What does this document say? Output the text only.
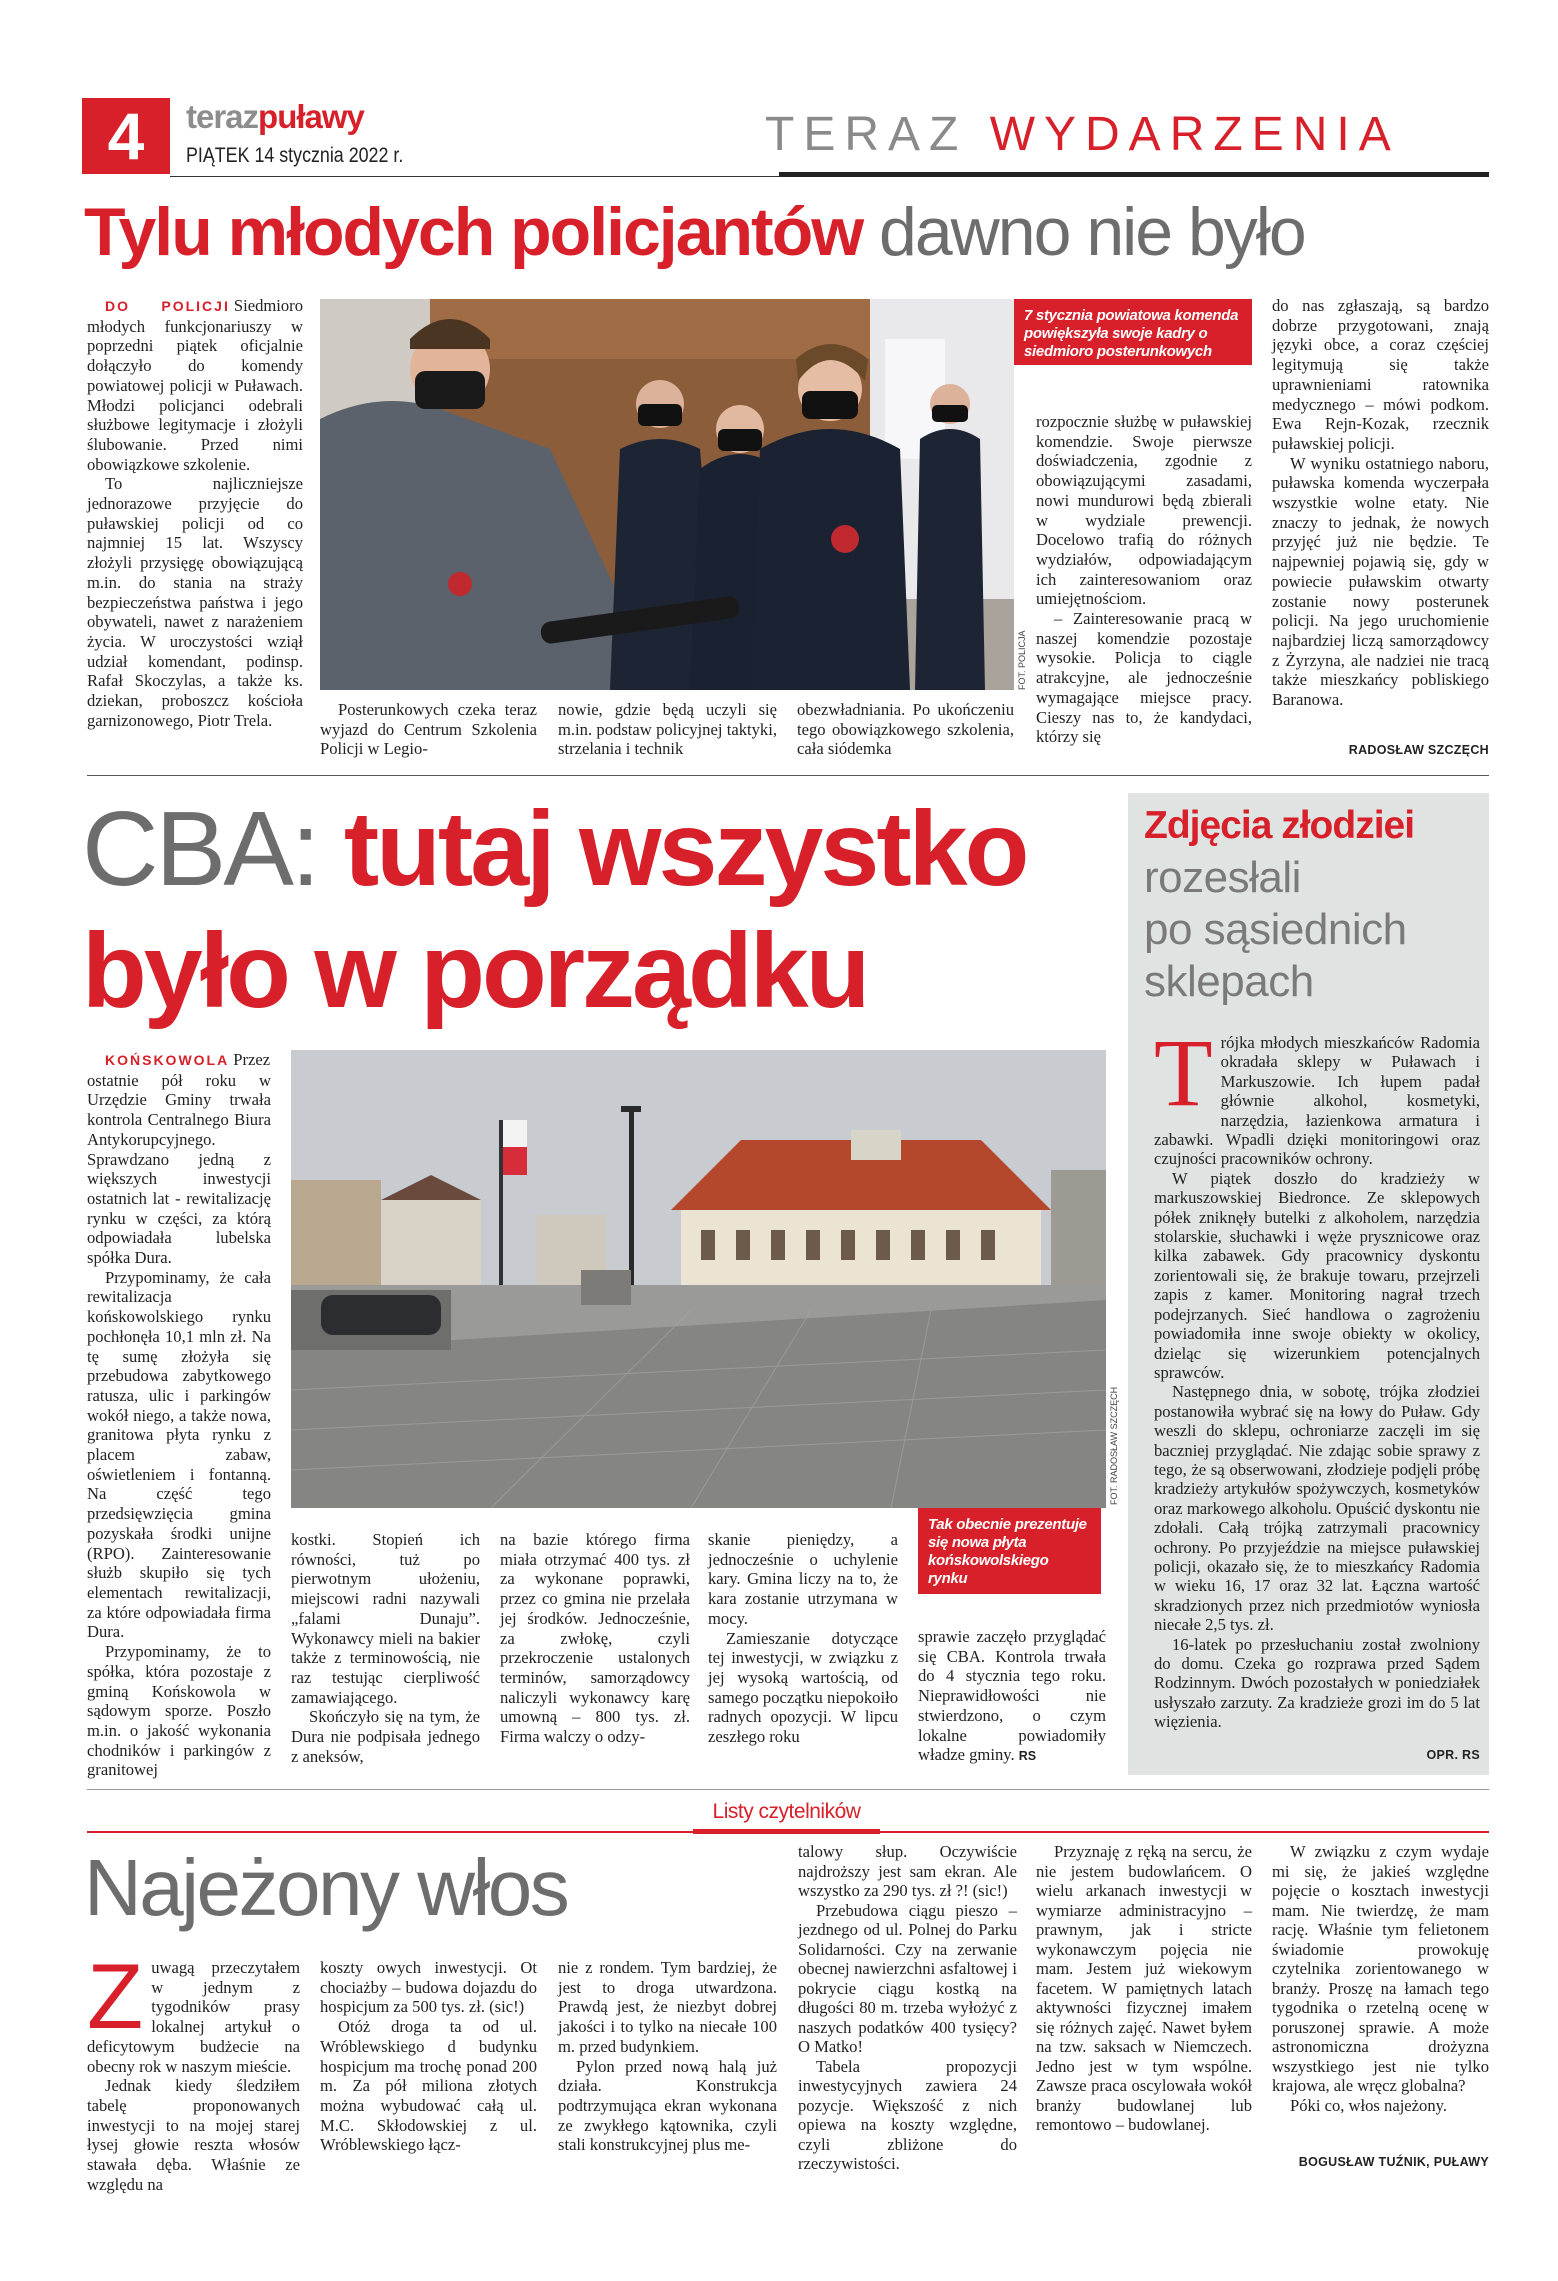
4	terazpuławy
PIĄTEK 14 stycznia 2022 r.	TERAZ WYDARZENIA
Tylu młodych policjantów dawno nie było

DO POLICJI Siedmioro młodych funkcjonariuszy w poprzedni piątek oficjalnie dołączyło do komendy powiatowej policji w Puławach. Młodzi policjanci odebrali służbowe legitymacje i złożyli ślubowanie. Przed nimi obowiązkowe szkolenie.

To najliczniejsze jednorazowe przyjęcie do puławskiej policji od co najmniej 15 lat. Wszyscy złożyli przysięgę obowiązującą m.in. do stania na straży bezpieczeństwa państwa i jego obywateli, nawet z narażeniem życia. W uroczystości wziął udział komendant, podinsp. Rafał Skoczylas, a także ks. dziekan, proboszcz kościoła garnizonowego, Piotr Trela.

7 stycznia powiatowa komenda powiększyła swoje kadry o siedmioro posterunkowych
FOT. POLICJA

Posterunkowych czeka teraz wyjazd do Centrum Szkolenia Policji w Legio-

nowie, gdzie będą uczyli się m.in. podstaw policyjnej taktyki, strzelania i technik

obezwładniania. Po ukończeniu tego obowiązkowego szkolenia, cała siódemka

rozpocznie służbę w puławskiej komendzie. Swoje pierwsze doświadczenia, zgodnie z obowiązującymi zasadami, nowi mundurowi będą zbierali w wydziale prewencji. Docelowo trafią do różnych wydziałów, odpowiadającym ich zainteresowaniom oraz umiejętnościom.

– Zainteresowanie pracą w naszej komendzie pozostaje wysokie. Policja to ciągle atrakcyjne, ale jednocześnie wymagające miejsce pracy. Cieszy nas to, że kandydaci, którzy się

do nas zgłaszają, są bardzo dobrze przygotowani, znają języki obce, a coraz częściej legitymują się także uprawnieniami ratownika medycznego – mówi podkom. Ewa Rejn-Kozak, rzecznik puławskiej policji.

W wyniku ostatniego naboru, puławska komenda wyczerpała wszystkie wolne etaty. Nie znaczy to jednak, że nowych przyjęć już nie będzie. Te najpewniej pojawią się, gdy w powiecie puławskim otwarty zostanie nowy posterunek policji. Na jego uruchomienie najbardziej liczą samorządowcy z Żyrzyna, ale nadziei nie tracą także mieszkańcy pobliskiego Baranowa.

RADOSŁAW SZCZĘCH
CBA: tutaj wszystko
było w porządku

KOŃSKOWOLA Przez ostatnie pół roku w Urzędzie Gminy trwała kontrola Centralnego Biura Antykorupcyjnego. Sprawdzano jedną z większych inwestycji ostatnich lat - rewitalizację rynku w części, za którą odpowiadała lubelska spółka Dura.

Przypominamy, że cała rewitalizacja końskowolskiego rynku pochłonęła 10,1 mln zł. Na tę sumę złożyła się przebudowa zabytkowego ratusza, ulic i parkingów wokół niego, a także nowa, granitowa płyta rynku z placem zabaw, oświetleniem i fontanną. Na część tego przedsięwzięcia gmina pozyskała środki unijne (RPO). Zainteresowanie służb skupiło się tych elementach rewitalizacji, za które odpowiadała firma Dura.

Przypominamy, że to spółka, która pozostaje z gminą Końskowola w sądowym sporze. Poszło m.in. o jakość wykonania chodników i parkingów z granitowej

Tak obecnie prezentuje się nowa płyta końskowolskiego rynku
FOT. RADOSŁAW SZCZĘCH

kostki. Stopień ich równości, tuż po pierwotnym ułożeniu, miejscowi radni nazywali „falami Dunaju”. Wykonawcy mieli na bakier także z terminowością, nie raz testując cierpliwość zamawiającego.

Skończyło się na tym, że Dura nie podpisała jednego z aneksów,

na bazie którego firma miała otrzymać 400 tys. zł za wykonane poprawki, przez co gmina nie przelała jej środków. Jednocześnie, za zwłokę, czyli przekroczenie ustalonych terminów, samorządowcy naliczyli wykonawcy karę umowną – 800 tys. zł. Firma walczy o odzy-

skanie pieniędzy, a jednocześnie o uchylenie kary. Gmina liczy na to, że kara zostanie utrzymana w mocy.

Zamieszanie dotyczące tej inwestycji, w związku z jej wysoką wartością, od samego początku niepokoiło radnych opozycji. W lipcu zeszłego roku

sprawie zaczęło przyglądać się CBA. Kontrola trwała do 4 stycznia tego roku. Nieprawidłowości nie stwierdzono, o czym lokalne powiadomiły władze gminy. RS

Zdjęcia złodziei
rozesłali
po sąsiednich
sklepach

Trójka młodych mieszkańców Radomia okradała sklepy w Puławach i Markuszowie. Ich łupem padał głównie alkohol, kosmetyki, narzędzia, łazienkowa armatura i zabawki. Wpadli dzięki monitoringowi oraz czujności pracowników ochrony.

W piątek doszło do kradzieży w markuszowskiej Biedronce. Ze sklepowych półek zniknęły butelki z alkoholem, narzędzia stolarskie, słuchawki i węże prysznicowe oraz kilka zabawek. Gdy pracownicy dyskontu zorientowali się, że brakuje towaru, przejrzeli zapis z kamer. Monitoring nagrał trzech podejrzanych. Sieć handlowa o zagrożeniu powiadomiła inne swoje obiekty w okolicy, dzieląc się wizerunkiem potencjalnych sprawców.

Następnego dnia, w sobotę, trójka złodziei postanowiła wybrać się na łowy do Puław. Gdy weszli do sklepu, ochroniarze zaczęli im się baczniej przyglądać. Nie zdając sobie sprawy z tego, że są obserwowani, złodzieje podjęli próbę kradzieży artykułów spożywczych, kosmetyków oraz markowego alkoholu. Opuścić dyskontu nie zdołali. Całą trójką zatrzymali pracownicy ochrony. Po przyjeździe na miejsce puławskiej policji, okazało się, że to mieszkańcy Radomia w wieku 16, 17 oraz 32 lat. Łączna wartość skradzionych przez nich przedmiotów wyniosła niecałe 2,5 tys. zł.

16-latek po przesłuchaniu został zwolniony do domu. Czeka go rozprawa przed Sądem Rodzinnym. Dwóch pozostałych w poniedziałek usłyszało zarzuty. Za kradzieże grozi im do 5 lat więzienia.

OPR. RS
Listy czytelników
Najeżony włos

Zuwagą przeczytałem w jednym z tygodników prasy lokalnej artykuł o deficytowym budżecie na obecny rok w naszym mieście.

Jednak kiedy śledziłem tabelę proponowanych inwestycji to na mojej starej łysej głowie reszta włosów stawała dęba. Właśnie ze względu na

koszty owych inwestycji. Ot chociażby – budowa dojazdu do hospicjum za 500 tys. zł. (sic!)

Otóż droga ta od ul. Wróblewskiego d budynku hospicjum ma trochę ponad 200 m. Za pół miliona złotych można wybudować całą ul. M.C. Skłodowskiej z ul. Wróblewskiego łącz-

nie z rondem. Tym bardziej, że jest to droga utwardzona. Prawdą jest, że niezbyt dobrej jakości i to tylko na niecałe 100 m. przed budynkiem.

Pylon przed nową halą już działa. Konstrukcja podtrzymująca ekran wykonana ze zwykłego kątownika, czyli stali konstrukcyjnej plus me-

talowy słup. Oczywiście najdroższy jest sam ekran. Ale wszystko za 290 tys. zł ?! (sic!)

Przebudowa ciągu pieszo – jezdnego od ul. Polnej do Parku Solidarności. Czy na zerwanie obecnej nawierzchni asfaltowej i pokrycie ciągu kostką na długości 80 m. trzeba wyłożyć z naszych podatków 400 tysięcy? O Matko!

Tabela propozycji inwestycyjnych zawiera 24 pozycje. Większość z nich opiewa na koszty względne, czyli zbliżone do rzeczywistości.

Przyznaję z ręką na sercu, że nie jestem budowlańcem. O wielu arkanach inwestycji w wymiarze administracyjno – prawnym, jak i stricte wykonawczym pojęcia nie mam. Jestem już wiekowym facetem. W pamiętnych latach aktywności fizycznej imałem się różnych zajęć. Nawet byłem na tzw. saksach w Niemczech. Jedno jest w tym wspólne. Zawsze praca oscylowała wokół branży budowlanej lub remontowo – budowlanej.

W związku z czym wydaje mi się, że jakieś względne pojęcie o kosztach inwestycji mam. Nie twierdzę, że mam rację. Właśnie tym felietonem świadomie prowokuję czytelnika zorientowanego w branży. Proszę na łamach tego tygodnika o rzetelną ocenę w poruszonej sprawie. A może astronomiczna drożyzna wszystkiego jest nie tylko krajowa, ale wręcz globalna?

Póki co, włos najeżony.

BOGUSŁAW TUŹNIK, PUŁAWY
